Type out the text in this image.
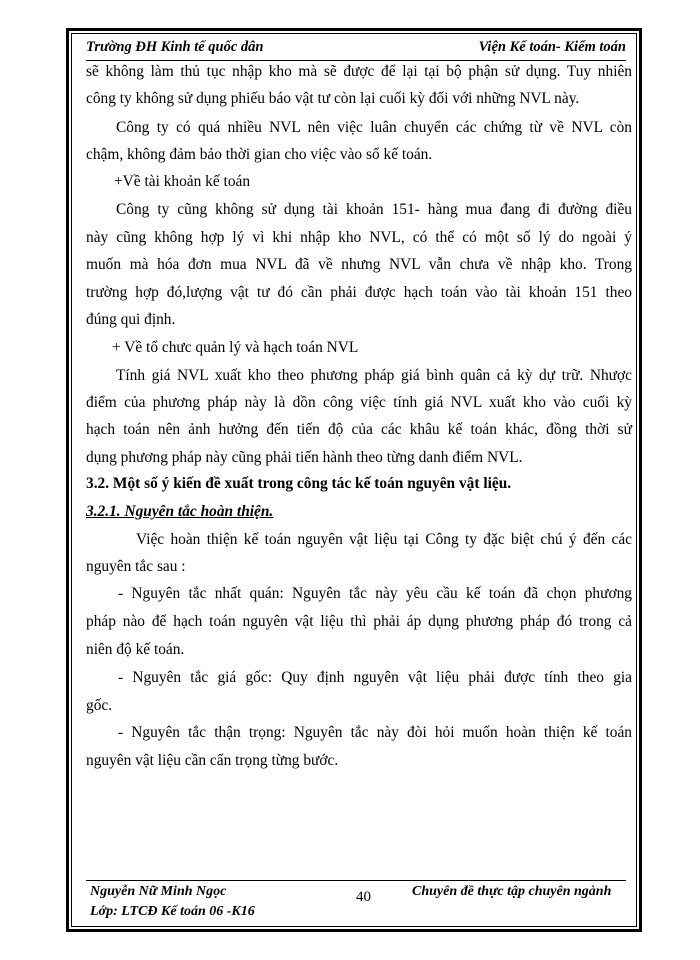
Trường ĐH Kinh tế quốc dân	Viện Kế toán- Kiểm toán
sẽ không làm thủ tục nhập kho mà sẽ được để lại tại bộ phận sử dụng. Tuy nhiên
công ty không sử dụng phiếu báo vật tư còn lại cuối kỳ đối với những NVL này.
Công ty có quá nhiều NVL nên việc luân chuyển các chứng từ về NVL còn
chậm, không đảm bảo thời gian cho việc vào sổ kế toán.
+Về tài khoản kế toán
Công ty cũng không sử dụng tài khoản 151- hàng mua đang đi đường điều
này cũng không hợp lý vì khi nhập kho NVL, có thể có một số lý do ngoài ý
muốn mà hóa đơn mua NVL đã về nhưng NVL vẫn chưa về nhập kho. Trong
trường hợp đó,lượng vật tư đó cần phải được hạch toán vào tài khoản 151 theo
đúng qui định.
+ Về tổ chưc quản lý và hạch toán NVL
Tính giá NVL xuất kho theo phương pháp giá bình quân cả kỳ dự trữ. Nhược
điểm của phương pháp này là dồn công việc tính giá NVL xuất kho vào cuối kỳ
hạch toán nên ảnh hưởng đến tiến độ của các khâu kế toán khác, đồng thời sử
dụng phương pháp này cũng phải tiến hành theo từng danh điểm NVL.
3.2. Một số ý kiến đề xuất trong công tác kế toán nguyên vật liệu.
3.2.1. Nguyên tắc hoàn thiện.
Việc hoàn thiện kế toán nguyên vật liệu tại Công ty đặc biệt chú ý đến các
nguyên tắc sau :
- Nguyên tắc nhất quán: Nguyên tắc này yêu cầu kế toán đã chọn phương
pháp nào để hạch toán nguyên vật liệu thì phải áp dụng phương pháp đó trong cả
niên độ kế toán.
- Nguyên tắc giá gốc: Quy định nguyên vật liệu phải được tính theo gia
gốc.
- Nguyên tắc thận trọng: Nguyên tắc này đòi hỏi muốn hoàn thiện kế toán
nguyên vật liệu cần cẩn trọng từng bước.
Nguyễn Nữ Minh Ngọc
Lớp: LTCĐ Kế toán 06 -K16
40	Chuyên đề thực tập chuyên ngành
